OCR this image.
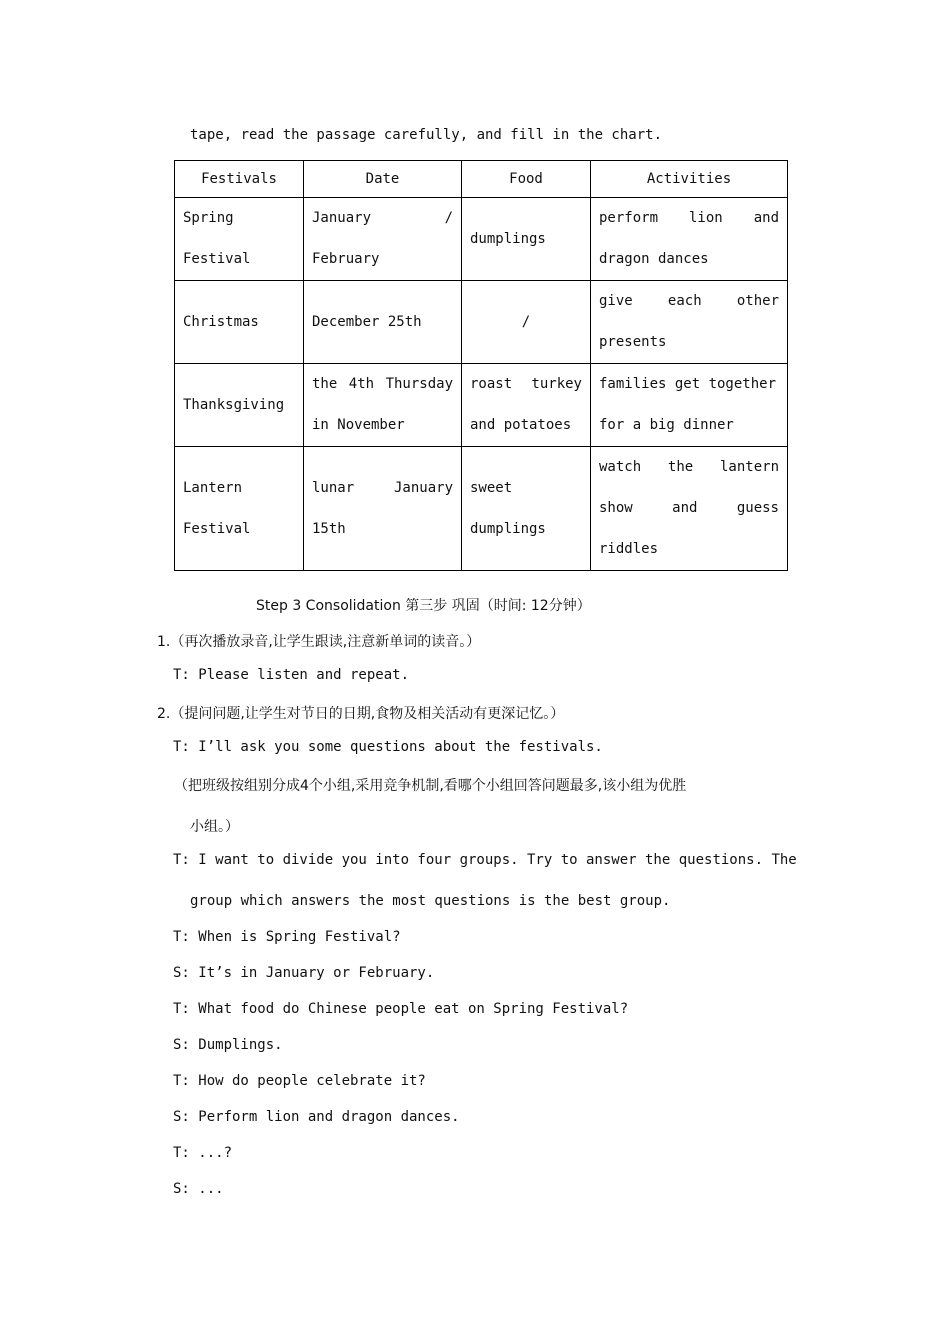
tape, read the passage carefully, and fill in the chart.
Festivals	Date	Food	Activities
Spring Festival	January / February	dumplings	perform lion and dragon dances
Christmas	December 25th	/	give each other presents
Thanksgiving	the 4th Thursday in November	roast turkey and potatoes	families get together for a big dinner
Lantern Festival	lunar January 15th	sweet dumplings	watch the lantern show and guess riddles
Step 3 Consolidation 第三步 巩固（时间: 12分钟）
1.（再次播放录音,让学生跟读,注意新单词的读音。）
T: Please listen and repeat.
2.（提问问题,让学生对节日的日期,食物及相关活动有更深记忆。）
T: I’ll ask you some questions about the festivals.
（把班级按组别分成4个小组,采用竞争机制,看哪个小组回答问题最多,该小组为优胜
小组。）
T: I want to divide you into four groups. Try to answer the questions. The
group which answers the most questions is the best group.
T: When is Spring Festival?
S: It’s in January or February.
T: What food do Chinese people eat on Spring Festival?
S: Dumplings.
T: How do people celebrate it?
S: Perform lion and dragon dances.
T: ...?
S: ...
